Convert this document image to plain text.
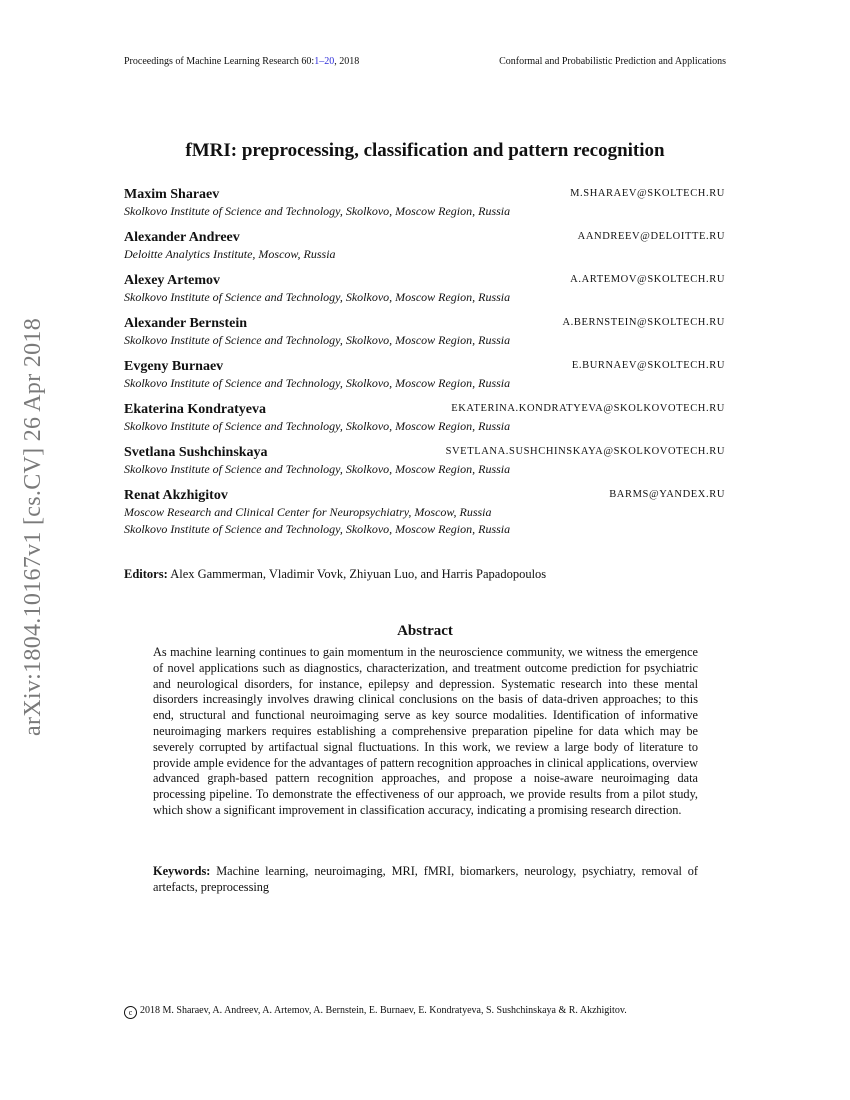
Proceedings of Machine Learning Research 60:1–20, 2018	Conformal and Probabilistic Prediction and Applications
arXiv:1804.10167v1 [cs.CV] 26 Apr 2018
fMRI: preprocessing, classification and pattern recognition
Maxim Sharaev	M.SHARAEV@SKOLTECH.RU
Skolkovo Institute of Science and Technology, Skolkovo, Moscow Region, Russia
Alexander Andreev	AANDREEV@DELOITTE.RU
Deloitte Analytics Institute, Moscow, Russia
Alexey Artemov	A.ARTEMOV@SKOLTECH.RU
Skolkovo Institute of Science and Technology, Skolkovo, Moscow Region, Russia
Alexander Bernstein	A.BERNSTEIN@SKOLTECH.RU
Skolkovo Institute of Science and Technology, Skolkovo, Moscow Region, Russia
Evgeny Burnaev	E.BURNAEV@SKOLTECH.RU
Skolkovo Institute of Science and Technology, Skolkovo, Moscow Region, Russia
Ekaterina Kondratyeva	EKATERINA.KONDRATYEVA@SKOLKOVOTECH.RU
Skolkovo Institute of Science and Technology, Skolkovo, Moscow Region, Russia
Svetlana Sushchinskaya	SVETLANA.SUSHCHINSKAYA@SKOLKOVOTECH.RU
Skolkovo Institute of Science and Technology, Skolkovo, Moscow Region, Russia
Renat Akzhigitov	BARMS@YANDEX.RU
Moscow Research and Clinical Center for Neuropsychiatry, Moscow, Russia
Skolkovo Institute of Science and Technology, Skolkovo, Moscow Region, Russia
Editors: Alex Gammerman, Vladimir Vovk, Zhiyuan Luo, and Harris Papadopoulos
Abstract
As machine learning continues to gain momentum in the neuroscience community, we witness the emergence of novel applications such as diagnostics, characterization, and treatment outcome prediction for psychiatric and neurological disorders, for instance, epilepsy and depression. Systematic research into these mental disorders increasingly involves drawing clinical conclusions on the basis of data-driven approaches; to this end, structural and functional neuroimaging serve as key source modalities. Identification of informative neuroimaging markers requires establishing a comprehensive preparation pipeline for data which may be severely corrupted by artifactual signal fluctuations. In this work, we review a large body of literature to provide ample evidence for the advantages of pattern recognition approaches in clinical applications, overview advanced graph-based pattern recognition approaches, and propose a noise-aware neuroimaging data processing pipeline. To demonstrate the effectiveness of our approach, we provide results from a pilot study, which show a significant improvement in classification accuracy, indicating a promising research direction.
Keywords: Machine learning, neuroimaging, MRI, fMRI, biomarkers, neurology, psychiatry, removal of artefacts, preprocessing
c 2018 M. Sharaev, A. Andreev, A. Artemov, A. Bernstein, E. Burnaev, E. Kondratyeva, S. Sushchinskaya & R. Akzhigitov.
